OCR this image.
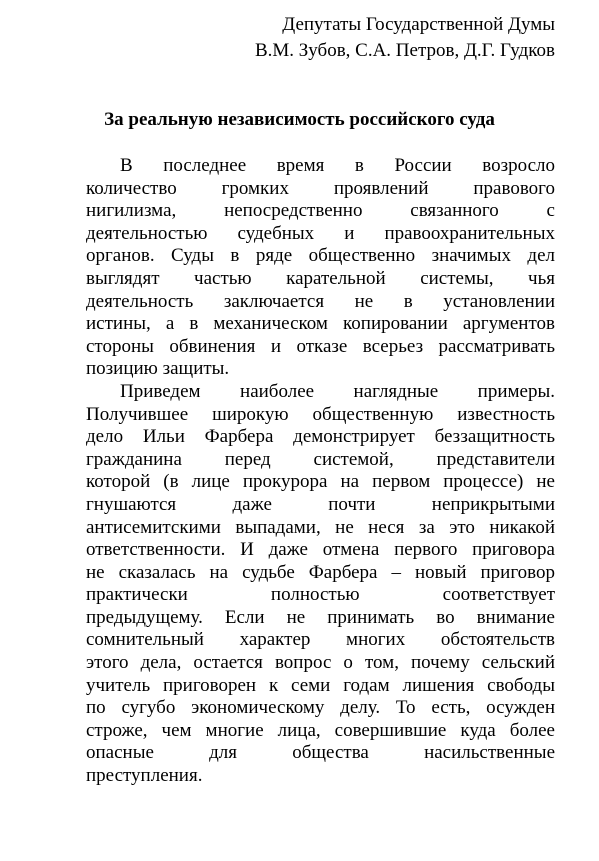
Депутаты Государственной Думы
В.М. Зубов, С.А. Петров, Д.Г. Гудков
За реальную независимость российского суда
В последнее время в России возросло
количество громких проявлений правового
нигилизма, непосредственно связанного с
деятельностью судебных и правоохранительных
органов. Суды в ряде общественно значимых дел
выглядят частью карательной системы, чья
деятельность заключается не в установлении
истины, а в механическом копировании аргументов
стороны обвинения и отказе всерьез рассматривать
позицию защиты.
Приведем наиболее наглядные примеры.
Получившее широкую общественную известность
дело Ильи Фарбера демонстрирует беззащитность
гражданина перед системой, представители
которой (в лице прокурора на первом процессе) не
гнушаются даже почти неприкрытыми
антисемитскими выпадами, не неся за это никакой
ответственности. И даже отмена первого приговора
не сказалась на судьбе Фарбера – новый приговор
практически полностью соответствует
предыдущему. Если не принимать во внимание
сомнительный характер многих обстоятельств
этого дела, остается вопрос о том, почему сельский
учитель приговорен к семи годам лишения свободы
по сугубо экономическому делу. То есть, осужден
строже, чем многие лица, совершившие куда более
опасные для общества насильственные
преступления.
